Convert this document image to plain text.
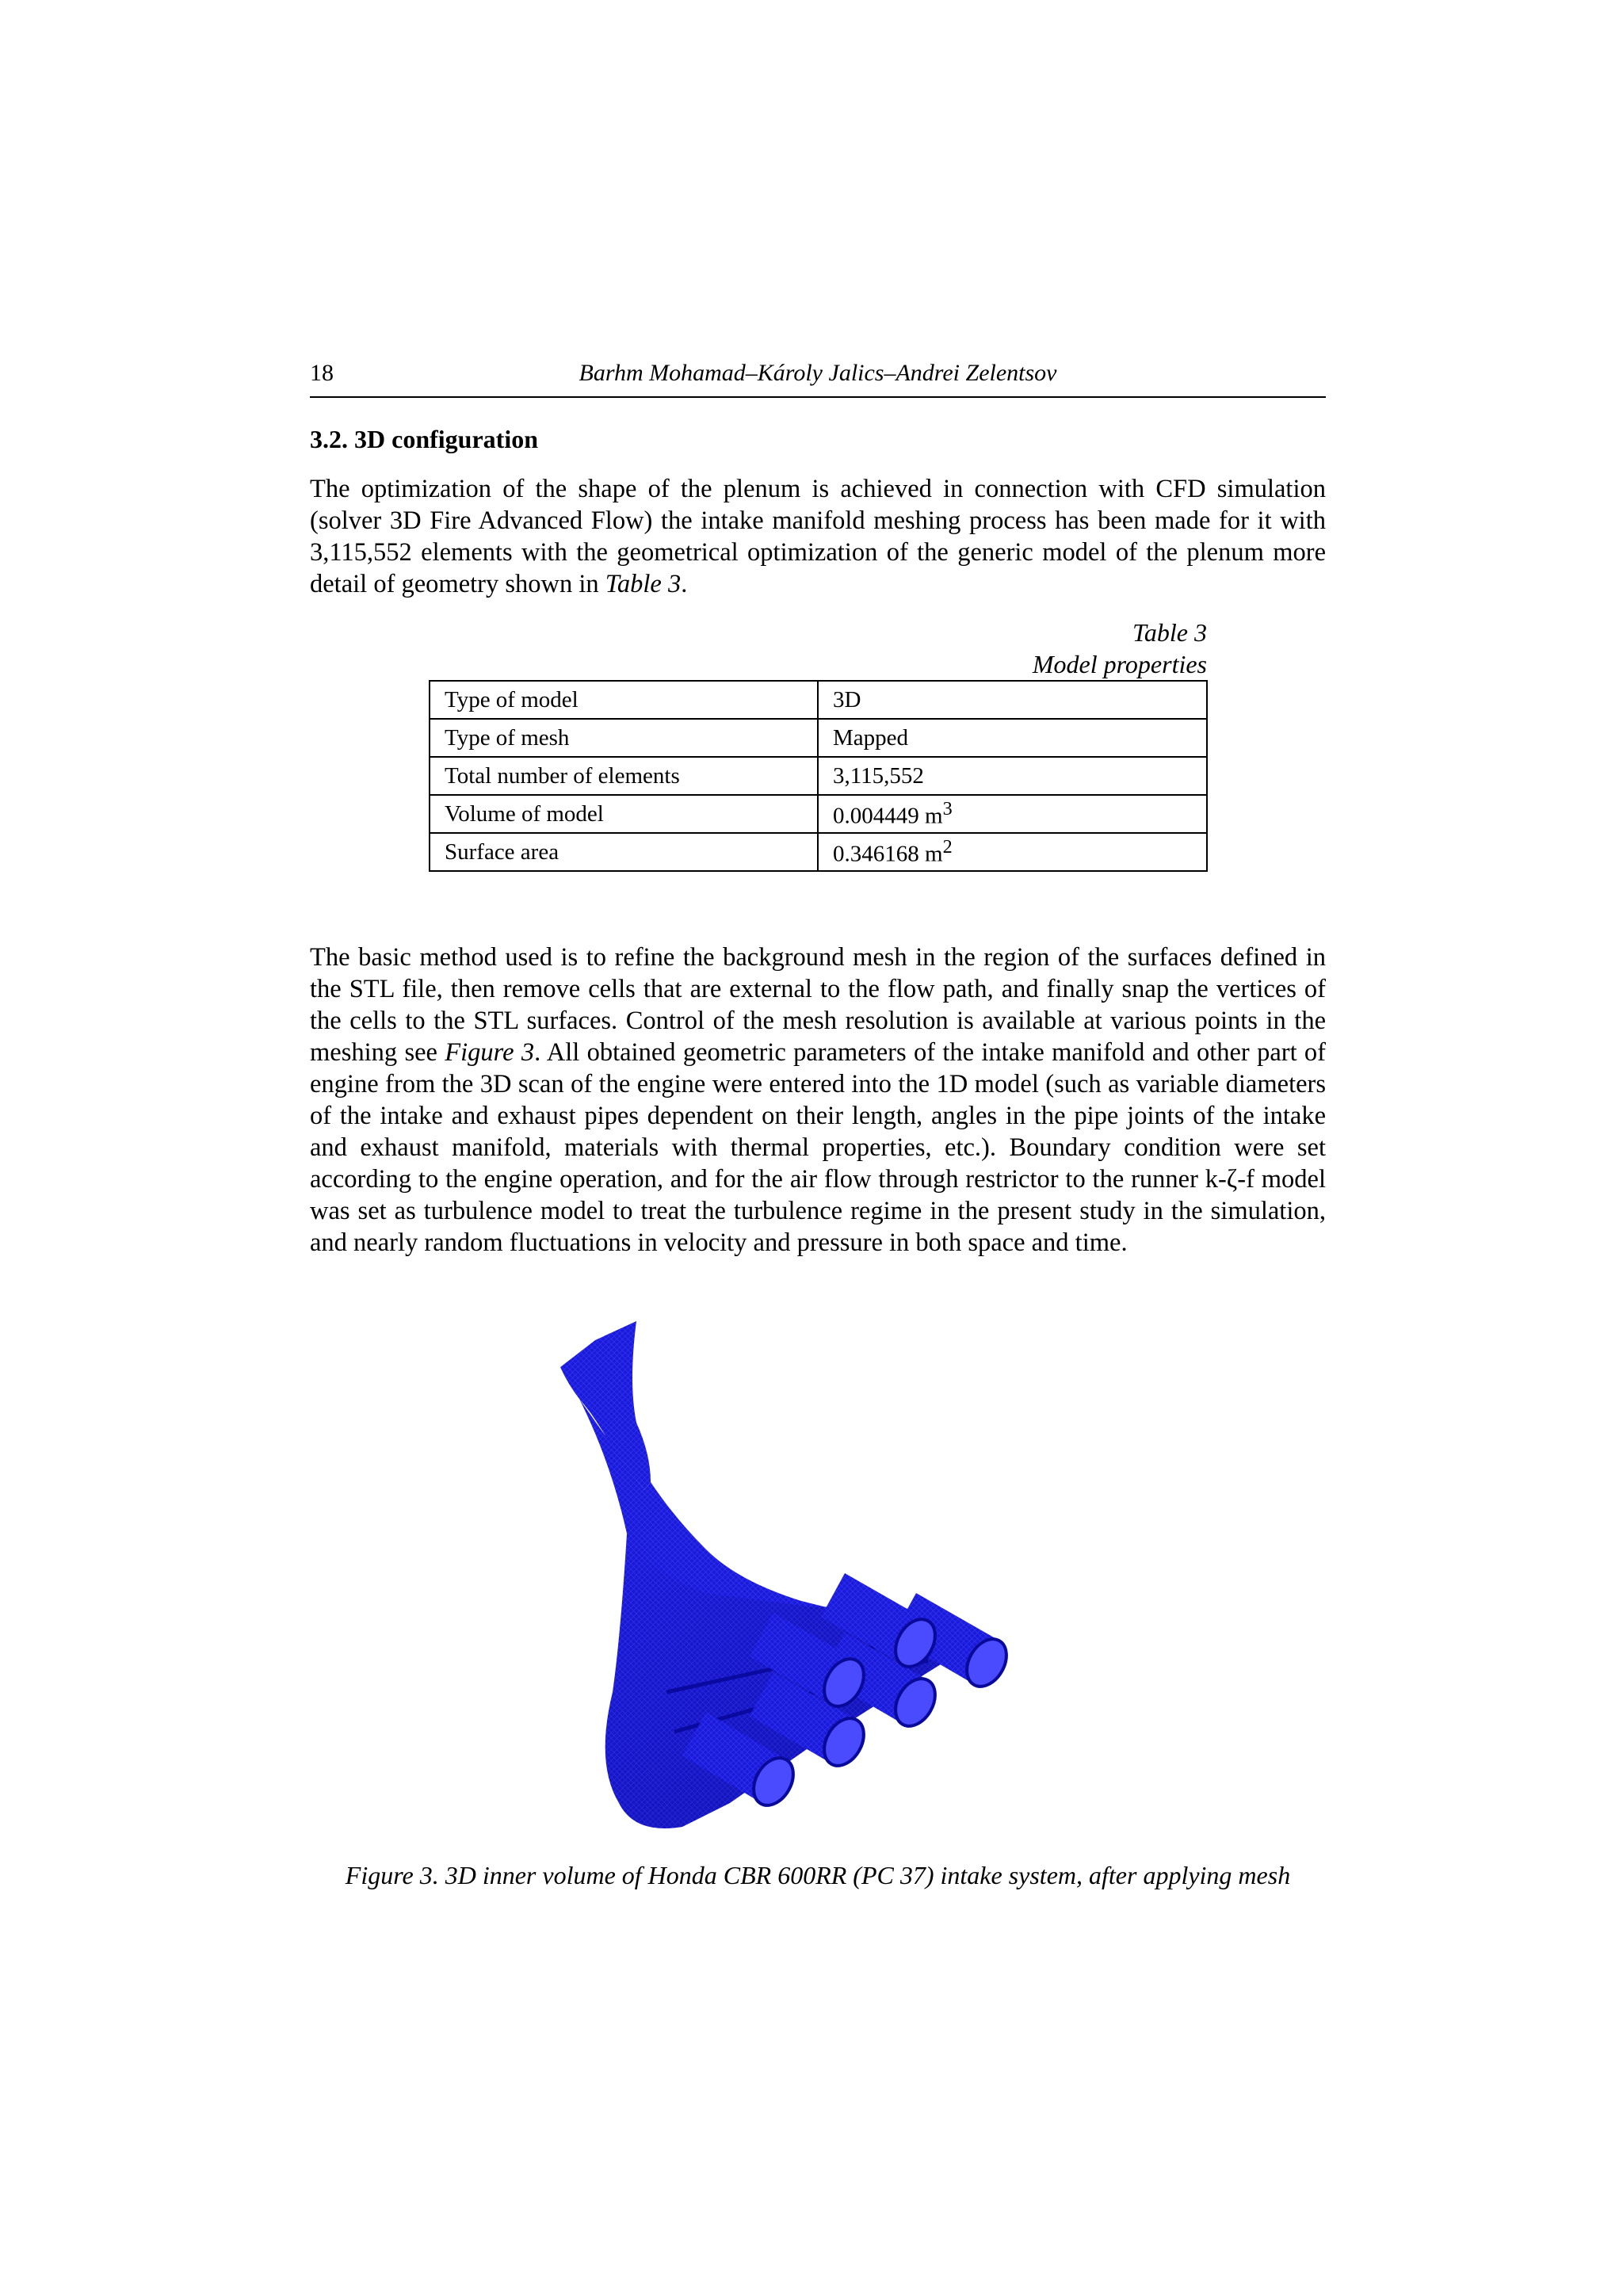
18	Barhm Mohamad–Károly Jalics–Andrei Zelentsov
3.2. 3D configuration

The optimization of the shape of the plenum is achieved in connection with CFD simulation (solver 3D Fire Advanced Flow) the intake manifold meshing process has been made for it with 3,115,552 elements with the geometrical optimization of the generic model of the plenum more detail of geometry shown in Table 3.

Table 3
Model properties
Type of model	3D
Type of mesh	Mapped
Total number of elements	3,115,552
Volume of model	0.004449 $m^3$
Surface area	0.346168 $m^2$

The basic method used is to refine the background mesh in the region of the surfaces defined in the STL file, then remove cells that are external to the flow path, and finally snap the vertices of the cells to the STL surfaces. Control of the mesh resolution is available at various points in the meshing see Figure 3. All obtained geometric parameters of the intake manifold and other part of engine from the 3D scan of the engine were entered into the 1D model (such as variable diameters of the intake and exhaust pipes dependent on their length, angles in the pipe joints of the intake and exhaust manifold, materials with thermal properties, etc.). Boundary condition were set according to the engine operation, and for the air flow through restrictor to the runner k-ζ-f model was set as turbulence model to treat the turbulence regime in the present study in the simulation, and nearly random fluctuations in velocity and pressure in both space and time.

Figure 3. 3D inner volume of Honda CBR 600RR (PC 37) intake system, after applying mesh
